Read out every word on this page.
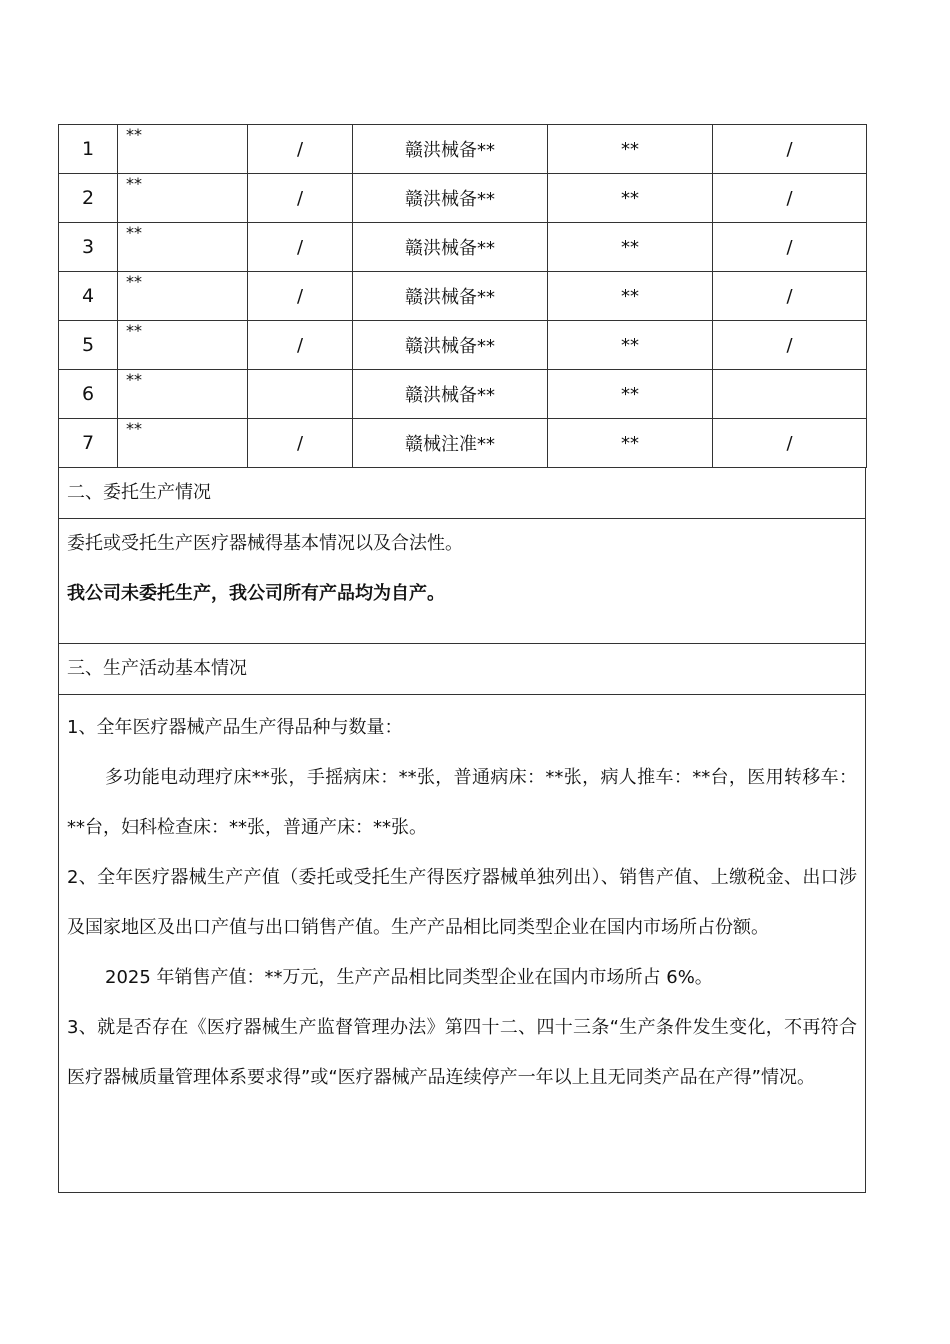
1	**	/	赣洪械备**	**	/
2	**	/	赣洪械备**	**	/
3	**	/	赣洪械备**	**	/
4	**	/	赣洪械备**	**	/
5	**	/	赣洪械备**	**	/
6	**		赣洪械备**	**	
7	**	/	赣械注准**	**	/
二、委托生产情况

委托或受托生产医疗器械得基本情况以及合法性。

我公司未委托生产，我公司所有产品均为自产。

三、生产活动基本情况

1、全年医疗器械产品生产得品种与数量：

多功能电动理疗床**张，手摇病床：**张，普通病床：**张，病人推车：**台，医用转移车：**台，妇科检查床：**张，普通产床：**张。

2、全年医疗器械生产产值（委托或受托生产得医疗器械单独列出）、销售产值、上缴税金、出口涉及国家地区及出口产值与出口销售产值。生产产品相比同类型企业在国内市场所占份额。

2025 年销售产值：**万元，生产产品相比同类型企业在国内市场所占 6%。

3、就是否存在《医疗器械生产监督管理办法》第四十二、四十三条“生产条件发生变化，不再符合医疗器械质量管理体系要求得”或“医疗器械产品连续停产一年以上且无同类产品在产得”情况。
